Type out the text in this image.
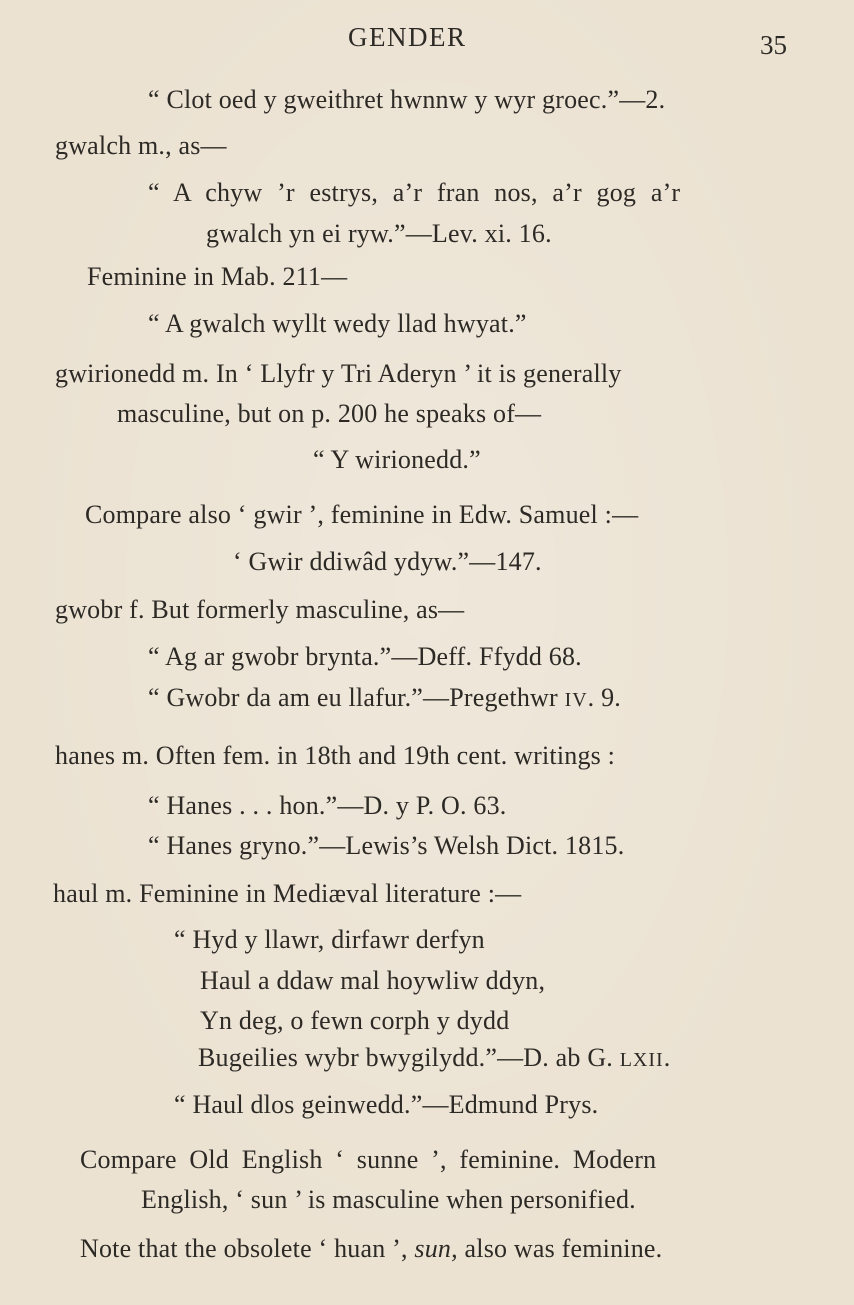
GENDER	35
“ Clot oed y gweithret hwnnw y wyr groec.”—2.
gwalch m., as—
“ A chyw ’r estrys, a’r fran nos, a’r gog a’r
gwalch yn ei ryw.”—Lev. xi. 16.
Feminine in Mab. 211—
“ A gwalch wyllt wedy llad hwyat.”
gwirionedd m. In ‘ Llyfr y Tri Aderyn ’ it is generally
masculine, but on p. 200 he speaks of—
“ Y wirionedd.”
Compare also ‘ gwir ’, feminine in Edw. Samuel :—
‘ Gwir ddiwâd ydyw.”—147.
gwobr f. But formerly masculine, as—
“ Ag ar gwobr brynta.”—Deff. Ffydd 68.
“ Gwobr da am eu llafur.”—Pregethwr IV. 9.
hanes m. Often fem. in 18th and 19th cent. writings :
“ Hanes . . . hon.”—D. y P. O. 63.
“ Hanes gryno.”—Lewis’s Welsh Dict. 1815.
haul m. Feminine in Mediæval literature :—
“ Hyd y llawr, dirfawr derfyn
Haul a ddaw mal hoywliw ddyn,
Yn deg, o fewn corph y dydd
Bugeilies wybr bwygilydd.”—D. ab G. LXII.
“ Haul dlos geinwedd.”—Edmund Prys.
Compare Old English ‘ sunne ’, feminine. Modern
English, ‘ sun ’ is masculine when personified.
Note that the obsolete ‘ huan ’, sun, also was feminine.
